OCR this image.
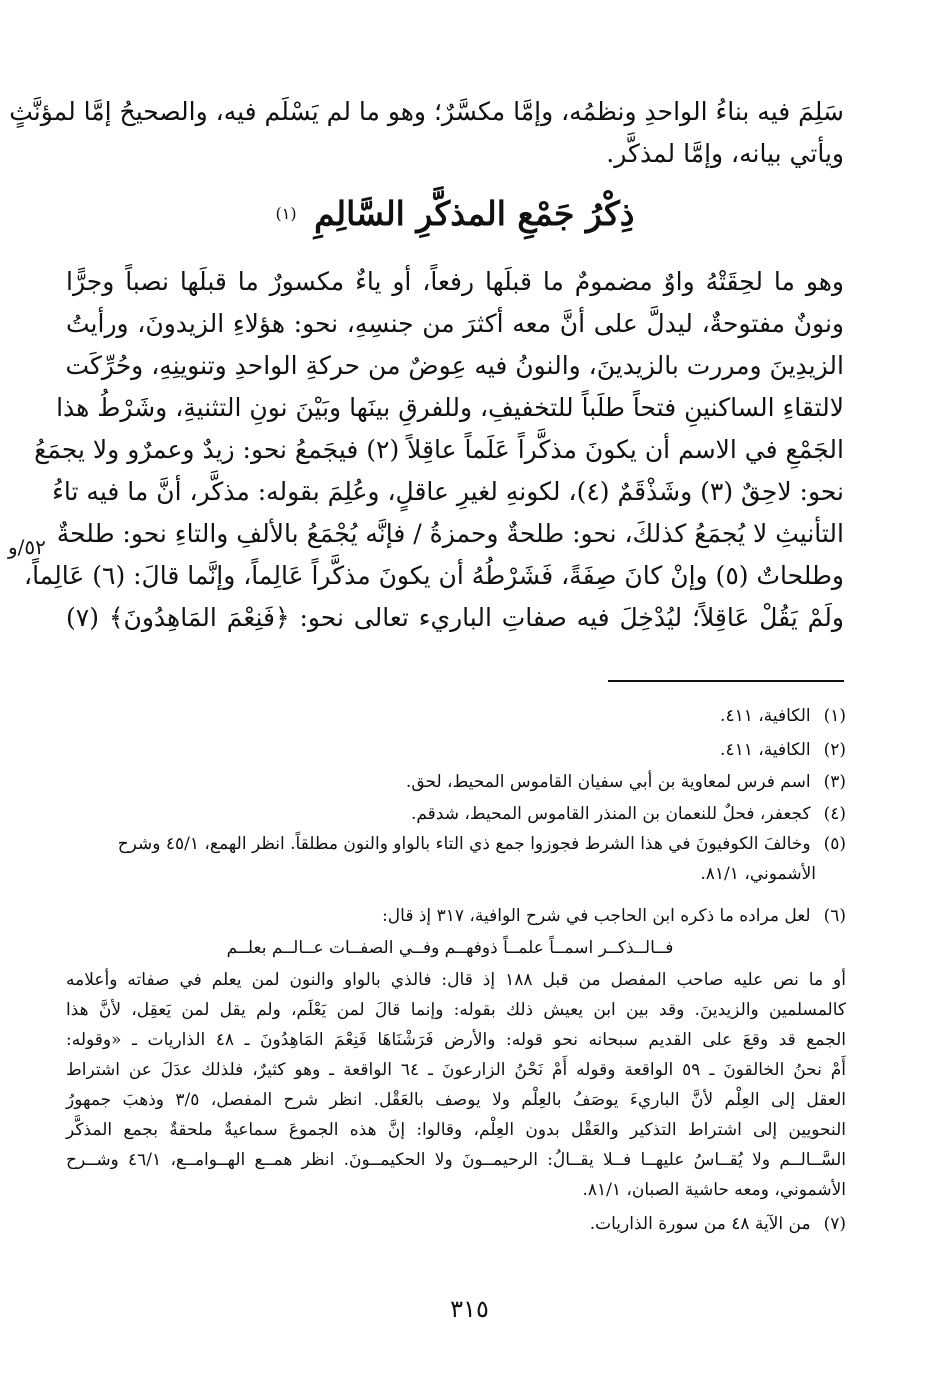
سَلِمَ فيه بناءُ الواحدِ ونظمُه، وإمَّا مكسَّرٌ؛ وهو ما لم يَسْلَم فيه، والصحيحُ إمَّا لمؤنَّثٍ
ويأتي بيانه، وإمَّا لمذكَّر.
ذِكْرُ جَمْعِ المذكَّرِ السَّالِمِ $^{(١)}$
وهو ما لحِقَتْهُ واوٌ مضمومٌ ما قبلَها رفعاً، أو ياءٌ مكسورٌ ما قبلَها نصباً وجرًّا
ونونٌ مفتوحةٌ، ليدلَّ على أنَّ معه أكثرَ من جنسِهِ، نحو: هؤلاءِ الزيدونَ، ورأيتُ
الزيدِينَ ومررت بالزيدينَ، والنونُ فيه عِوضٌ من حركةِ الواحدِ وتنوينِهِ، وحُرِّكَت
لالتقاءِ الساكنينِ فتحاً طلَباً للتخفيفِ، وللفرقِ بينَها وبَيْنَ نونِ التثنيةِ، وشَرْطُ هذا
الجَمْعِ في الاسم أن يكونَ مذكَّراً عَلَماً عاقِلاً (٢) فيجَمعُ نحو: زيدٌ وعمرٌو ولا يجمَعُ
نحو: لاحِقٌ (٣) وشَذْقَمٌ (٤)، لكونهِ لغيرِ عاقلٍ، وعُلِمَ بقوله: مذكَّر، أنَّ ما فيه تاءُ
التأنيثِ لا يُجمَعُ كذلكَ، نحو: طلحةٌ وحمزةُ / فإنَّه يُجْمَعُ بالألفِ والتاءِ نحو: طلحةٌ
وطلحاتٌ (٥) وإنْ كانَ صِفَةً، فَشَرْطُهُ أن يكونَ مذكَّراً عَالِماً، وإنَّما قالَ: (٦) عَالِماً،
ولَمْ يَقُلْ عَاقِلاً؛ ليُدْخِلَ فيه صفاتِ الباريء تعالى نحو: ﴿فَنِعْمَ المَاهِدُونَ﴾ (٧)
٥٢/و
(١) الكافية، ٤١١.
(٢) الكافية، ٤١١.
(٣) اسم فرس لمعاوية بن أبي سفيان القاموس المحيط، لحق.
(٤) كجعفر، فحلٌ للنعمان بن المنذر القاموس المحيط، شدقم.
(٥) وخالفَ الكوفيونَ في هذا الشرط فجوزوا جمع ذي التاء بالواو والنون مطلقاً. انظر الهمع، ٤٥/١ وشرح
الأشموني، ٨١/١.
(٦) لعل مراده ما ذكره ابن الحاجب في شرح الوافية، ٣١٧ إذ قال:
فــالــذكــر اسمــاً علمــاً ذوفهــم وفــي الصفــات عــالــم بعلــم
أو ما نص عليه صاحب المفصل من قبل ١٨٨ إذ قال: فالذي بالواو والنون لمن يعلم في صفاته وأعلامه
كالمسلمين والزيدينَ. وقد بين ابن يعيش ذلك بقوله: وإنما قالَ لمن يَعْلَم، ولم يقل لمن يَعقِل، لأنَّ هذا
الجمع قد وقعَ على القديم سبحانه نحو قوله: والأرض فَرَشْنَاهَا فَنِعْمَ المَاهِدُونَ ـ ٤٨ الذاريات ـ «وقوله:
أَمْ نحنُ الخالقونَ ـ ٥٩ الواقعة وقوله أَمْ نَحْنُ الزارعونَ ـ ٦٤ الواقعة ـ وهو كثيرٌ، فلذلك عدَلَ عن اشتراط
العقل إلى العِلْم لأنَّ الباريءَ يوصَفُ بالعِلْم ولا يوصف بالعَقْل. انظر شرح المفصل، ٣/٥ وذهبَ جمهورُ
النحويين إلى اشتراط التذكير والعَقْل بدون العِلْم، وقالوا: إنَّ هذه الجموعَ سماعيةٌ ملحقةٌ بجمع المذكَّر
السَّــالــم ولا يُقــاسُ عليهــا فــلا يقــالُ: الرحيمــونَ ولا الحكيمــونَ. انظر همــع الهــوامــع، ٤٦/١ وشــرح
الأشموني، ومعه حاشية الصبان، ٨١/١.
(٧) من الآية ٤٨ من سورة الذاريات.
٣١٥
